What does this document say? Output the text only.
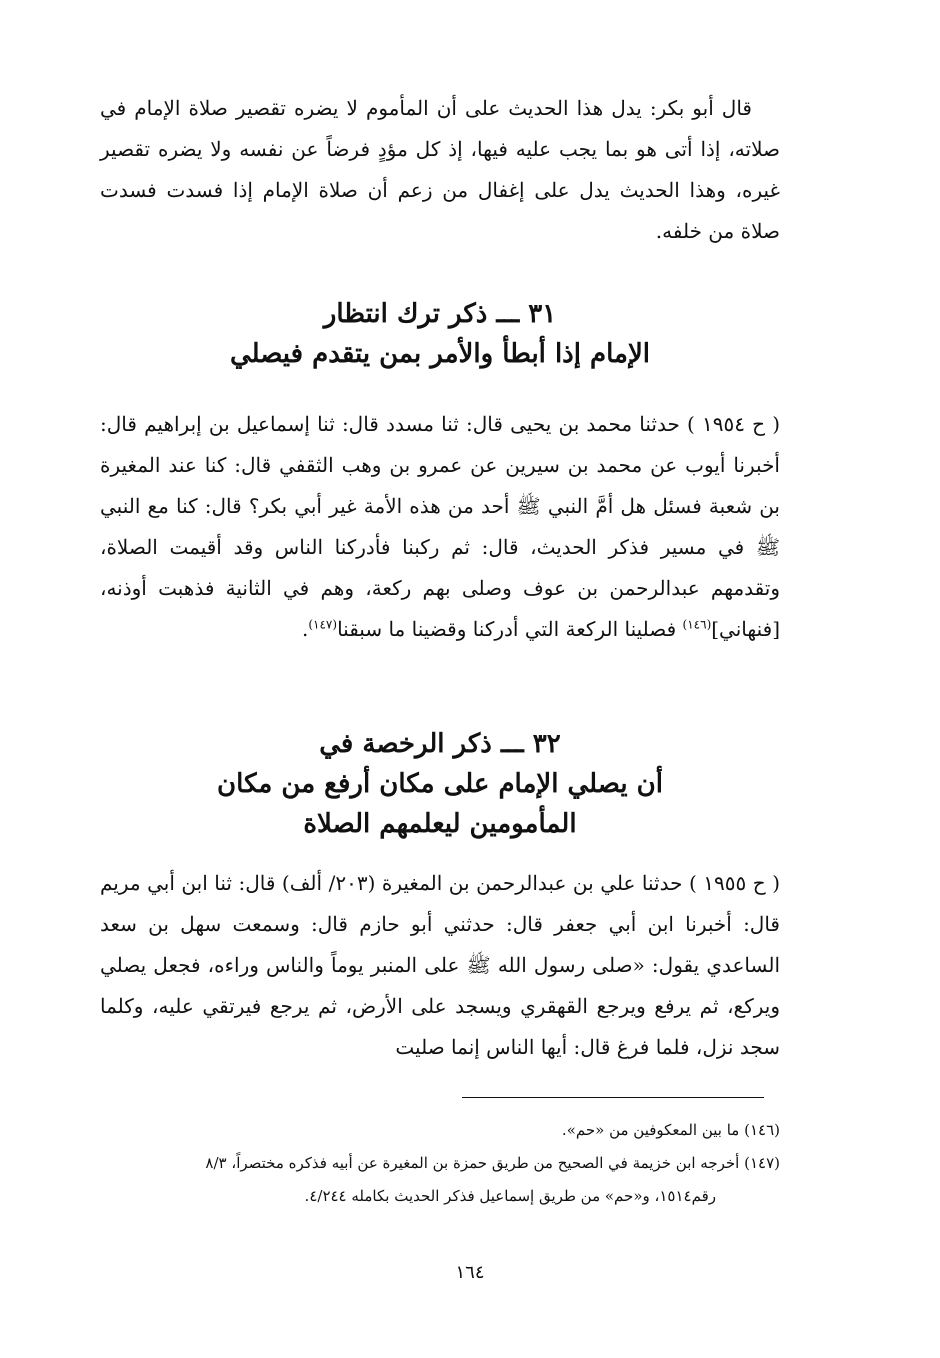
قال أبو بكر: يدل هذا الحديث على أن المأموم لا يضره تقصير صلاة الإمام في صلاته، إذا أتى هو بما يجب عليه فيها، إذ كل مؤدٍ فرضاً عن نفسه ولا يضره تقصير غيره، وهذا الحديث يدل على إغفال من زعم أن صلاة الإمام إذا فسدت فسدت صلاة من خلفه.

٣١ ـــ ذكر ترك انتظار
الإمام إذا أبطأ والأمر بمن يتقدم فيصلي

( ح ١٩٥٤ ) حدثنا محمد بن يحيى قال: ثنا مسدد قال: ثنا إسماعيل بن إبراهيم قال: أخبرنا أيوب عن محمد بن سيرين عن عمرو بن وهب الثقفي قال: كنا عند المغيرة بن شعبة فسئل هل أمَّ النبي ﷺ أحد من هذه الأمة غير أبي بكر؟ قال: كنا مع النبي ﷺ في مسير فذكر الحديث، قال: ثم ركبنا فأدركنا الناس وقد أقيمت الصلاة، وتقدمهم عبدالرحمن بن عوف وصلى بهم ركعة، وهم في الثانية فذهبت أوذنه، [فنهاني]$^{(١٤٦)}$ فصلينا الركعة التي أدركنا وقضينا ما سبقنا$^{(١٤٧)}$.

٣٢ ـــ ذكر الرخصة في
أن يصلي الإمام على مكان أرفع من مكان
المأمومين ليعلمهم الصلاة

( ح ١٩٥٥ ) حدثنا علي بن عبدالرحمن بن المغيرة (٢٠٣/ ألف) قال: ثنا ابن أبي مريم قال: أخبرنا ابن أبي جعفر قال: حدثني أبو حازم قال: وسمعت سهل بن سعد الساعدي يقول: «صلى رسول الله ﷺ على المنبر يوماً والناس وراءه، فجعل يصلي ويركع، ثم يرفع ويرجع القهقري ويسجد على الأرض، ثم يرجع فيرتقي عليه، وكلما سجد نزل، فلما فرغ قال: أيها الناس إنما صليت

(١٤٦) ما بين المعكوفين من «حم».

(١٤٧) أخرجه ابن خزيمة في الصحيح من طريق حمزة بن المغيرة عن أبيه فذكره مختصراً، ٨/٣

رقم١٥١٤، و«حم» من طريق إسماعيل فذكر الحديث بكامله ٤/٢٤٤.

١٦٤
